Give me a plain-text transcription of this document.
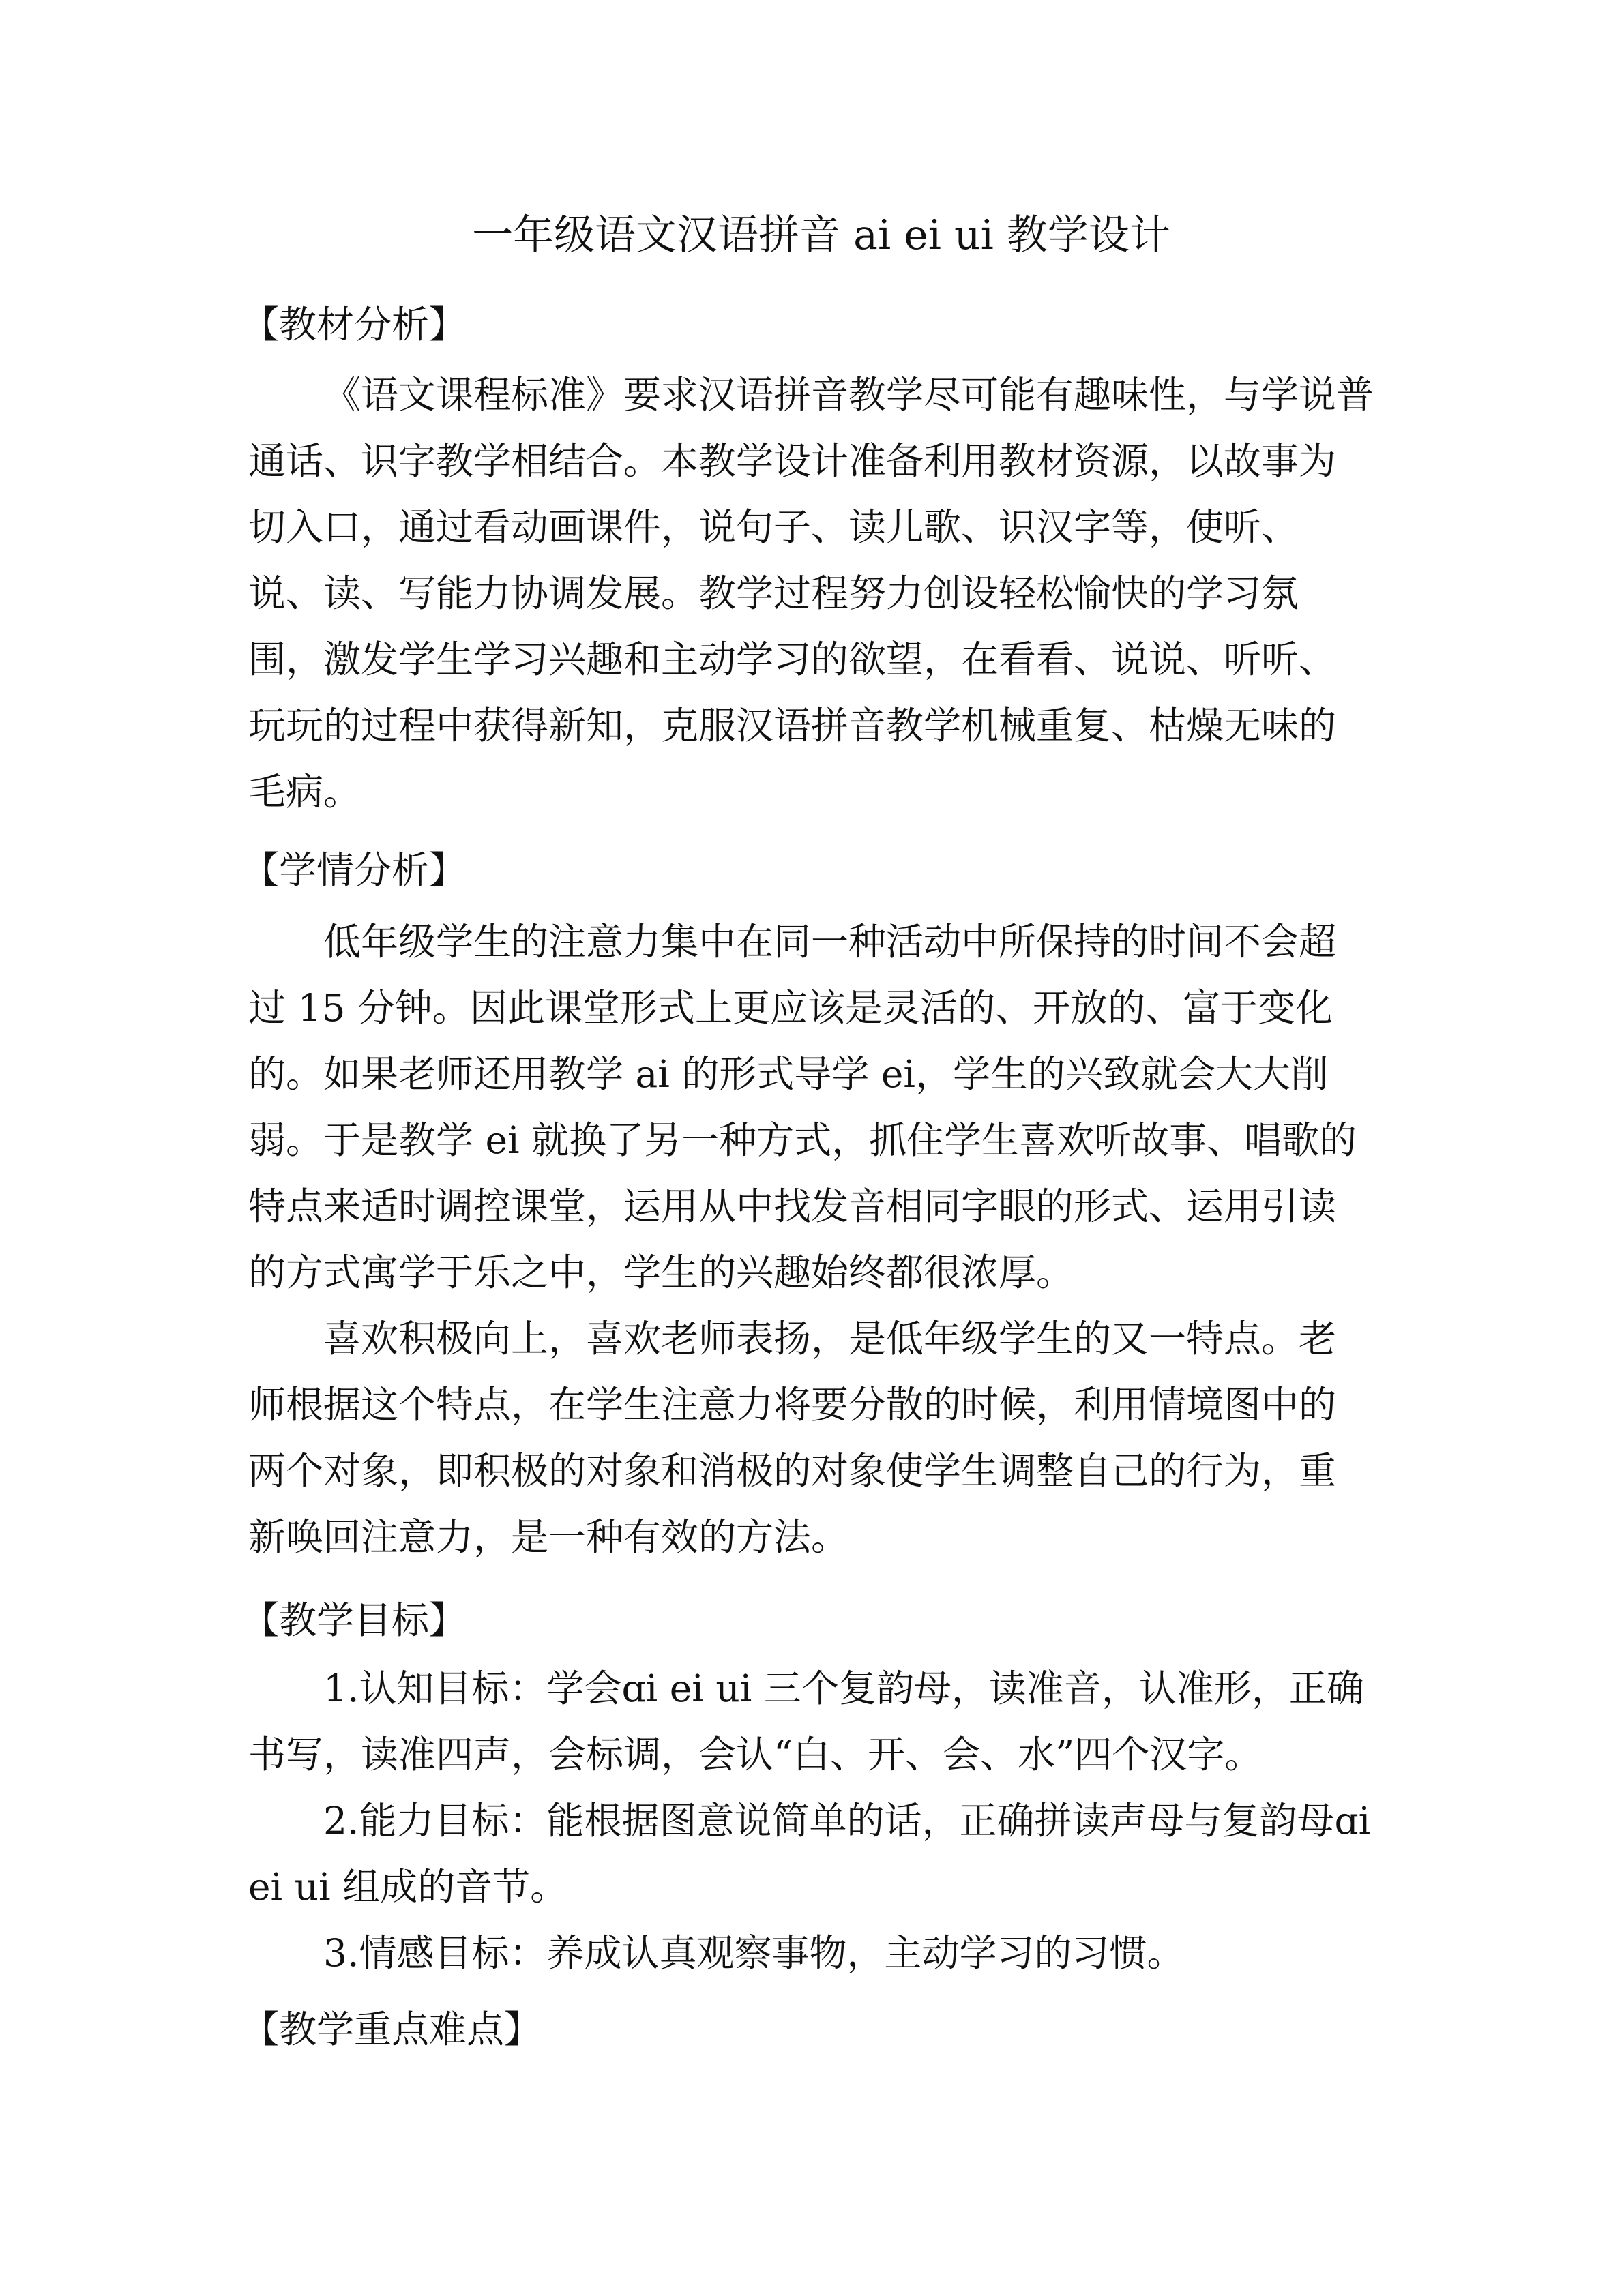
一年级语文汉语拼音 ai ei ui 教学设计
【教材分析】
《语文课程标准》要求汉语拼音教学尽可能有趣味性，与学说普
通话、识字教学相结合。本教学设计准备利用教材资源，以故事为
切入口，通过看动画课件，说句子、读儿歌、识汉字等，使听、
说、读、写能力协调发展。教学过程努力创设轻松愉快的学习氛
围，激发学生学习兴趣和主动学习的欲望，在看看、说说、听听、
玩玩的过程中获得新知，克服汉语拼音教学机械重复、枯燥无味的
毛病。
【学情分析】
低年级学生的注意力集中在同一种活动中所保持的时间不会超
过 15 分钟。因此课堂形式上更应该是灵活的、开放的、富于变化
的。如果老师还用教学 ai 的形式导学 ei，学生的兴致就会大大削
弱。于是教学 ei 就换了另一种方式，抓住学生喜欢听故事、唱歌的
特点来适时调控课堂，运用从中找发音相同字眼的形式、运用引读
的方式寓学于乐之中，学生的兴趣始终都很浓厚。
喜欢积极向上，喜欢老师表扬，是低年级学生的又一特点。老
师根据这个特点，在学生注意力将要分散的时候，利用情境图中的
两个对象，即积极的对象和消极的对象使学生调整自己的行为，重
新唤回注意力，是一种有效的方法。
【教学目标】
1.认知目标：学会ɑi ei ui 三个复韵母，读准音，认准形，正确
书写，读准四声，会标调，会认“白、开、会、水”四个汉字。
2.能力目标：能根据图意说简单的话，正确拼读声母与复韵母ɑi
ei ui 组成的音节。
3.情感目标：养成认真观察事物，主动学习的习惯。
【教学重点难点】
